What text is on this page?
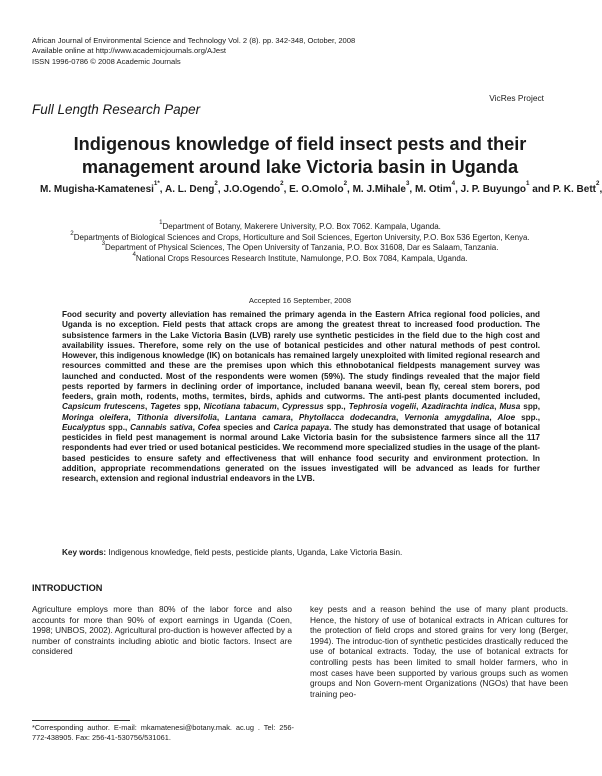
African Journal of Environmental Science and Technology Vol. 2 (8). pp. 342-348, October, 2008
Available online at http://www.academicjournals.org/AJest
ISSN 1996-0786 © 2008 Academic Journals
VicRes Project
Full Length Research Paper
Indigenous knowledge of field insect pests and their management around lake Victoria basin in Uganda
M. Mugisha-Kamatenesi$^{1*}$, A. L. Deng$^2$, J.O.Ogendo$^2$, E. O.Omolo$^2$, M. J.Mihale$^3$, M. Otim$^4$, J. P. Buyungo$^1$ and P. K. Bett$^2$,
$^1$Department of Botany, Makerere University, P.O. Box 7062. Kampala, Uganda.
$^2$Departments of Biological Sciences and Crops, Horticulture and Soil Sciences, Egerton University, P.O. Box 536 Egerton, Kenya.
$^3$Department of Physical Sciences, The Open University of Tanzania, P.O. Box 31608, Dar es Salaam, Tanzania.
$^4$National Crops Resources Research Institute, Namulonge, P.O. Box 7084, Kampala, Uganda.
Accepted 16 September, 2008
Food security and poverty alleviation has remained the primary agenda in the Eastern Africa regional food policies, and Uganda is no exception. Field pests that attack crops are among the greatest threat to increased food production. The subsistence farmers in the Lake Victoria Basin (LVB) rarely use synthetic pesticides in the field due to the high cost and availability issues. Therefore, some rely on the use of botanical pesticides and other natural methods of pest control. However, this indigenous knowledge (IK) on botanicals has remained largely unexploited with limited regional research and resources committed and these are the premises upon which this ethnobotanical fieldpests management survey was launched and conducted. Most of the respondents were women (59%). The study findings revealed that the major field pests reported by farmers in declining order of importance, included banana weevil, bean fly, cereal stem borers, pod feeders, grain moth, rodents, moths, termites, birds, aphids and cutworms. The anti-pest plants documented included, Capsicum frutescens, Tagetes spp, Nicotiana tabacum, Cypressus spp., Tephrosia vogelii, Azadirachta indica, Musa spp, Moringa oleifera, Tithonia diversifolia, Lantana camara, Phytollacca dodecandra, Vernonia amygdalina, Aloe spp., Eucalyptus spp., Cannabis sativa, Cofea species and Carica papaya. The study has demonstrated that usage of botanical pesticides in field pest management is normal around Lake Victoria basin for the subsistence farmers since all the 117 respondents had ever tried or used botanical pesticides. We recommend more specialized studies in the usage of the plant-based pesticides to ensure safety and effectiveness that will enhance food security and environment protection. In addition, appropriate recommendations generated on the issues investigated will be advanced as leads for further research, extension and regional industrial endeavors in the LVB.
Key words: Indigenous knowledge, field pests, pesticide plants, Uganda, Lake Victoria Basin.
INTRODUCTION
Agriculture employs more than 80% of the labor force and also accounts for more than 90% of export earnings in Uganda (Coen, 1998; UNBOS, 2002). Agricultural pro-duction is however affected by a number of constraints including abiotic and biotic factors. Insect are considered
key pests and a reason behind the use of many plant products. Hence, the history of use of botanical extracts in African cultures for the protection of field crops and stored grains for very long (Berger, 1994). The introduc-tion of synthetic pesticides drastically reduced the use of botanical extracts. Today, the use of botanical extracts for controlling pests has been limited to small holder farmers, who in most cases have been supported by various groups such as women groups and Non Govern-ment Organizations (NGOs) that have been training peo-
*Corresponding author. E-mail: mkamatenesi@botany.mak. ac.ug . Tel: 256-772-438905. Fax: 256-41-530756/531061.
